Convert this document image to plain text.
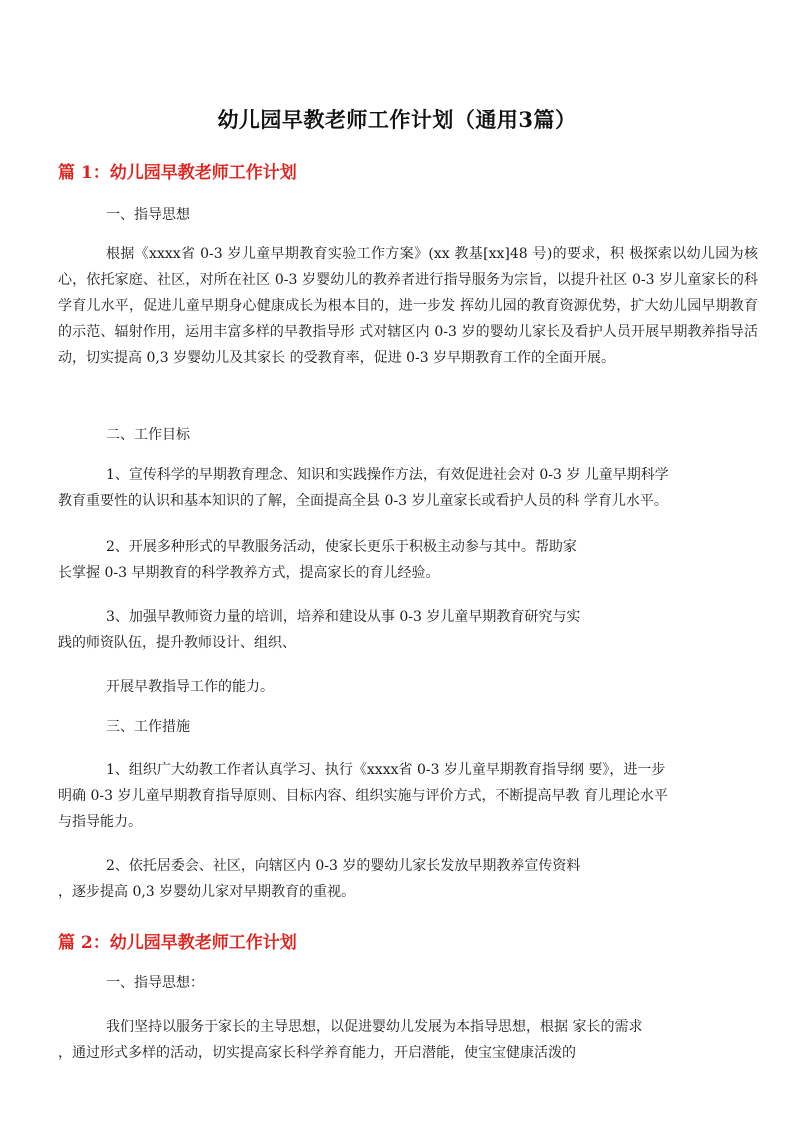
幼儿园早教老师工作计划（通用3篇）
篇 1：幼儿园早教老师工作计划
一、指导思想

根据《xxxx省 0-3 岁儿童早期教育实验工作方案》(xx 教基[xx]48 号)的要求，积 极探索以幼儿园为核心，依托家庭、社区，对所在社区 0-3 岁婴幼儿的教养者进行指导服务为宗旨，以提升社区 0-3 岁儿童家长的科学育儿水平，促进儿童早期身心健康成长为根本目的，进一步发 挥幼儿园的教育资源优势，扩大幼儿园早期教育的示范、辐射作用，运用丰富多样的早教指导形 式对辖区内 0-3 岁的婴幼儿家长及看护人员开展早期教养指导活动，切实提高 0,3 岁婴幼儿及其家长 的受教育率，促进 0-3 岁早期教育工作的全面开展。

二、工作目标
1、宣传科学的早期教育理念、知识和实践操作方法，有效促进社会对 0-3 岁 儿童早期科学
教育重要性的认识和基本知识的了解，全面提高全县 0-3 岁儿童家长或看护人员的科 学育儿水平。
2、开展多种形式的早教服务活动，使家长更乐于积极主动参与其中。帮助家
长掌握 0-3 早期教育的科学教养方式，提高家长的育儿经验。
3、加强早教师资力量的培训，培养和建设从事 0-3 岁儿童早期教育研究与实
践的师资队伍，提升教师设计、组织、
开展早教指导工作的能力。
三、工作措施
1、组织广大幼教工作者认真学习、执行《xxxx省 0-3 岁儿童早期教育指导纲 要》，进一步
明确 0-3 岁儿童早期教育指导原则、目标内容、组织实施与评价方式，不断提高早教 育儿理论水平
与指导能力。
2、依托居委会、社区，向辖区内 0-3 岁的婴幼儿家长发放早期教养宣传资料
，逐步提高 0,3 岁婴幼儿家对早期教育的重视。
篇 2：幼儿园早教老师工作计划
一、指导思想：
我们坚持以服务于家长的主导思想，以促进婴幼儿发展为本指导思想，根据 家长的需求
，通过形式多样的活动，切实提高家长科学养育能力，开启潜能，使宝宝健康活泼的
